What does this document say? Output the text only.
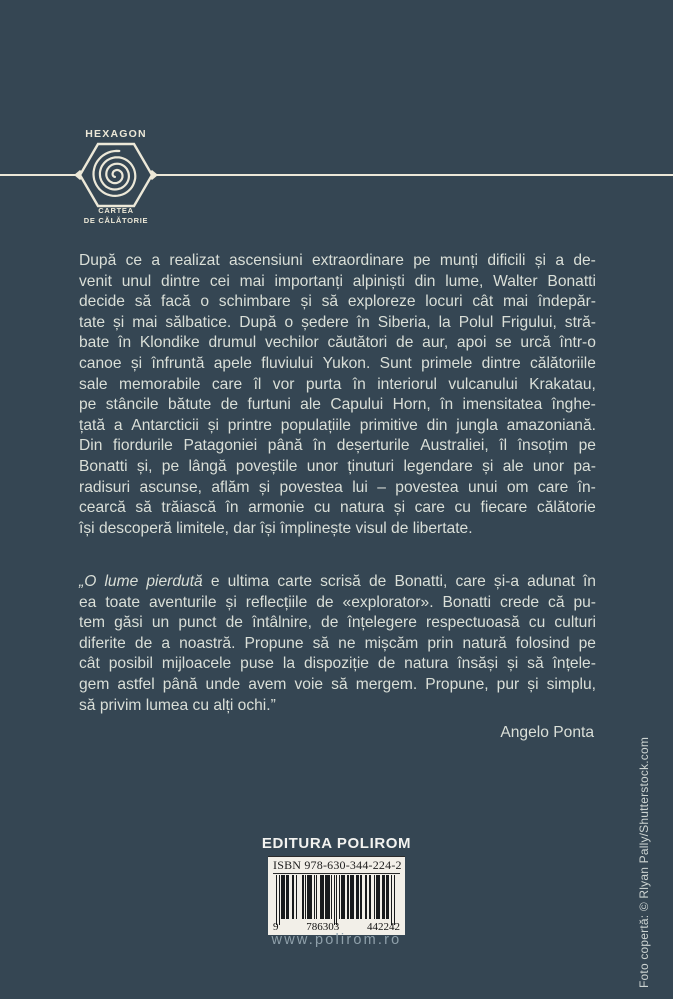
HEXAGON
CARTEA
DE CĂLĂTORIE
După ce a realizat ascensiuni extraordinare pe munți dificili și a de-
venit unul dintre cei mai importanți alpiniști din lume, Walter Bonatti
decide să facă o schimbare și să exploreze locuri cât mai îndepăr-
tate și mai sălbatice. După o ședere în Siberia, la Polul Frigului, stră-
bate în Klondike drumul vechilor căutători de aur, apoi se urcă într-o
canoe și înfruntă apele fluviului Yukon. Sunt primele dintre călătoriile
sale memorabile care îl vor purta în interiorul vulcanului Krakatau,
pe stâncile bătute de furtuni ale Capului Horn, în imensitatea înghe-
țată a Antarcticii și printre populațiile primitive din jungla amazoniană.
Din fiordurile Patagoniei până în deșerturile Australiei, îl însoțim pe
Bonatti și, pe lângă poveștile unor ținuturi legendare și ale unor pa-
radisuri ascunse, aflăm și povestea lui – povestea unui om care în-
cearcă să trăiască în armonie cu natura și care cu fiecare călătorie
își descoperă limitele, dar își împlinește visul de libertate.
„O lume pierdută e ultima carte scrisă de Bonatti, care și-a adunat în
ea toate aventurile și reflecțiile de «explorator». Bonatti crede că pu-
tem găsi un punct de întâlnire, de înțelegere respectuoasă cu culturi
diferite de a noastră. Propune să ne mișcăm prin natură folosind pe
cât posibil mijloacele puse la dispoziție de natura însăși și să înțele-
gem astfel până unde avem voie să mergem. Propune, pur și simplu,
să privim lumea cu alți ochi.”
Angelo Ponta
EDITURA POLIROM
ISBN 978-630-344-224-2
9	786303	442242
www.polirom.ro	Foto copertă: © Rlyan Pally/Shutterstock.com
